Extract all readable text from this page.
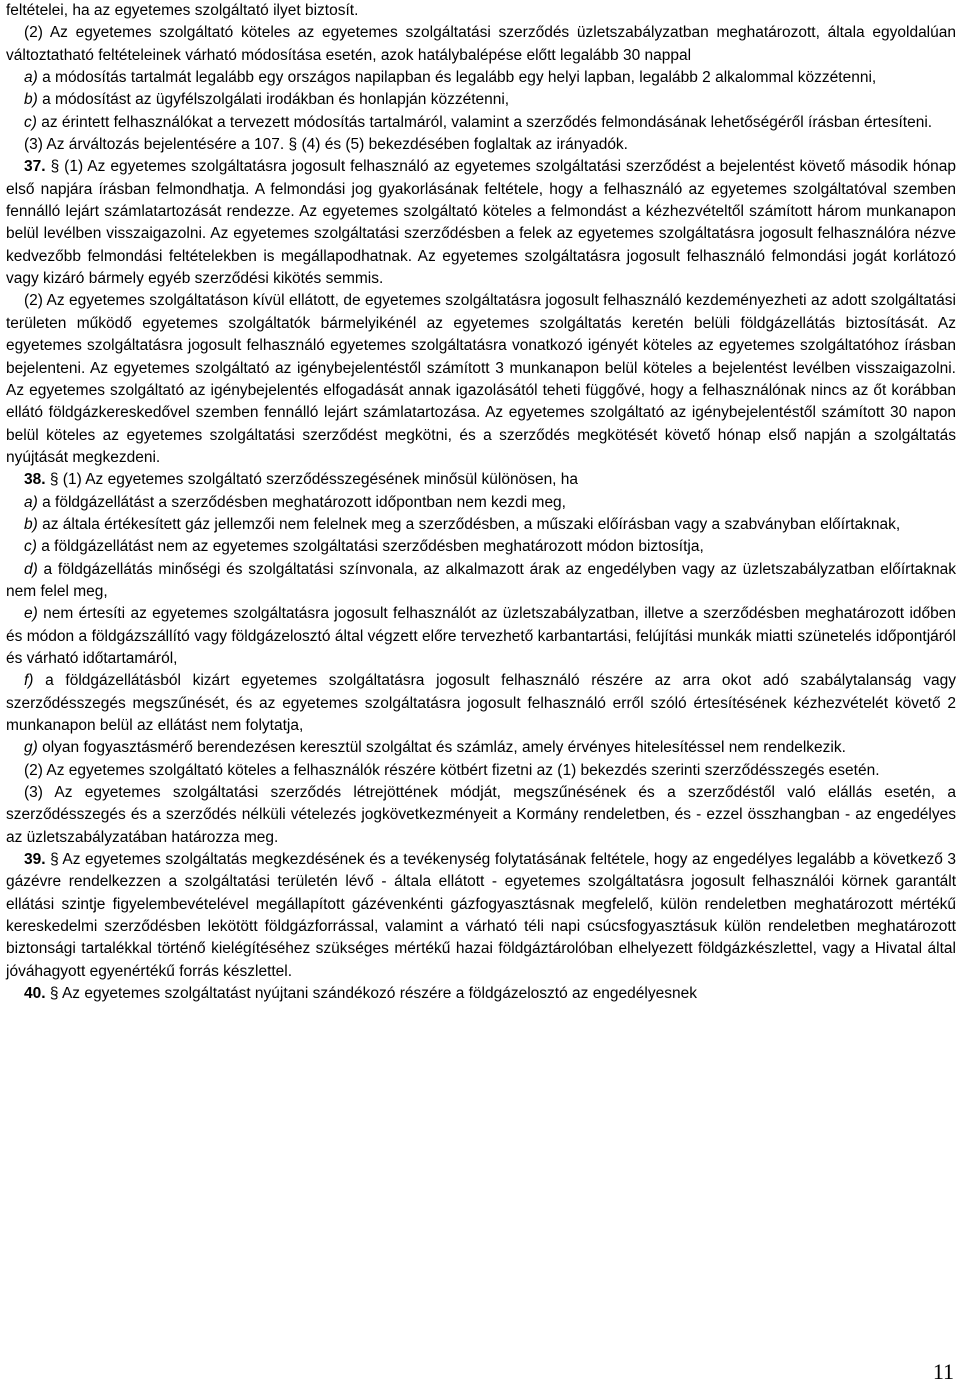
feltételei, ha az egyetemes szolgáltató ilyet biztosít.

(2) Az egyetemes szolgáltató köteles az egyetemes szolgáltatási szerződés üzletszabályzatban meghatározott, általa egyoldalúan változtatható feltételeinek várható módosítása esetén, azok hatálybalépése előtt legalább 30 nappal

a) a módosítás tartalmát legalább egy országos napilapban és legalább egy helyi lapban, legalább 2 alkalommal közzétenni,

b) a módosítást az ügyfélszolgálati irodákban és honlapján közzétenni,

c) az érintett felhasználókat a tervezett módosítás tartalmáról, valamint a szerződés felmondásának lehetőségéről írásban értesíteni.

(3) Az árváltozás bejelentésére a 107. § (4) és (5) bekezdésében foglaltak az irányadók.

37. § (1) Az egyetemes szolgáltatásra jogosult felhasználó az egyetemes szolgáltatási szerződést a bejelentést követő második hónap első napjára írásban felmondhatja. A felmondási jog gyakorlásának feltétele, hogy a felhasználó az egyetemes szolgáltatóval szemben fennálló lejárt számlatartozását rendezze. Az egyetemes szolgáltató köteles a felmondást a kézhezvételtől számított három munkanapon belül levélben visszaigazolni. Az egyetemes szolgáltatási szerződésben a felek az egyetemes szolgáltatásra jogosult felhasználóra nézve kedvezőbb felmondási feltételekben is megállapodhatnak. Az egyetemes szolgáltatásra jogosult felhasználó felmondási jogát korlátozó vagy kizáró bármely egyéb szerződési kikötés semmis.

(2) Az egyetemes szolgáltatáson kívül ellátott, de egyetemes szolgáltatásra jogosult felhasználó kezdeményezheti az adott szolgáltatási területen működő egyetemes szolgáltatók bármelyikénél az egyetemes szolgáltatás keretén belüli földgázellátás biztosítását. Az egyetemes szolgáltatásra jogosult felhasználó egyetemes szolgáltatásra vonatkozó igényét köteles az egyetemes szolgáltatóhoz írásban bejelenteni. Az egyetemes szolgáltató az igénybejelentéstől számított 3 munkanapon belül köteles a bejelentést levélben visszaigazolni. Az egyetemes szolgáltató az igénybejelentés elfogadását annak igazolásától teheti függővé, hogy a felhasználónak nincs az őt korábban ellátó földgázkereskedővel szemben fennálló lejárt számlatartozása. Az egyetemes szolgáltató az igénybejelentéstől számított 30 napon belül köteles az egyetemes szolgáltatási szerződést megkötni, és a szerződés megkötését követő hónap első napján a szolgáltatás nyújtását megkezdeni.

38. § (1) Az egyetemes szolgáltató szerződésszegésének minősül különösen, ha

a) a földgázellátást a szerződésben meghatározott időpontban nem kezdi meg,

b) az általa értékesített gáz jellemzői nem felelnek meg a szerződésben, a műszaki előírásban vagy a szabványban előírtaknak,

c) a földgázellátást nem az egyetemes szolgáltatási szerződésben meghatározott módon biztosítja,

d) a földgázellátás minőségi és szolgáltatási színvonala, az alkalmazott árak az engedélyben vagy az üzletszabályzatban előírtaknak nem felel meg,

e) nem értesíti az egyetemes szolgáltatásra jogosult felhasználót az üzletszabályzatban, illetve a szerződésben meghatározott időben és módon a földgázszállító vagy földgázelosztó által végzett előre tervezhető karbantartási, felújítási munkák miatti szünetelés időpontjáról és várható időtartamáról,

f) a földgázellátásból kizárt egyetemes szolgáltatásra jogosult felhasználó részére az arra okot adó szabálytalanság vagy szerződésszegés megszűnését, és az egyetemes szolgáltatásra jogosult felhasználó erről szóló értesítésének kézhezvételét követő 2 munkanapon belül az ellátást nem folytatja,

g) olyan fogyasztásmérő berendezésen keresztül szolgáltat és számláz, amely érvényes hitelesítéssel nem rendelkezik.

(2) Az egyetemes szolgáltató köteles a felhasználók részére kötbért fizetni az (1) bekezdés szerinti szerződésszegés esetén.

(3) Az egyetemes szolgáltatási szerződés létrejöttének módját, megszűnésének és a szerződéstől való elállás esetén, a szerződésszegés és a szerződés nélküli vételezés jogkövetkezményeit a Kormány rendeletben, és - ezzel összhangban - az engedélyes az üzletszabályzatában határozza meg.

39. § Az egyetemes szolgáltatás megkezdésének és a tevékenység folytatásának feltétele, hogy az engedélyes legalább a következő 3 gázévre rendelkezzen a szolgáltatási területén lévő - általa ellátott - egyetemes szolgáltatásra jogosult felhasználói körnek garantált ellátási szintje figyelembevételével megállapított gázévenkénti gázfogyasztásnak megfelelő, külön rendeletben meghatározott mértékű kereskedelmi szerződésben lekötött földgázforrással, valamint a várható téli napi csúcsfogyasztásuk külön rendeletben meghatározott biztonsági tartalékkal történő kielégítéséhez szükséges mértékű hazai földgáztárolóban elhelyezett földgázkészlettel, vagy a Hivatal által jóváhagyott egyenértékű forrás készlettel.

40. § Az egyetemes szolgáltatást nyújtani szándékozó részére a földgázelosztó az engedélyesnek

11
